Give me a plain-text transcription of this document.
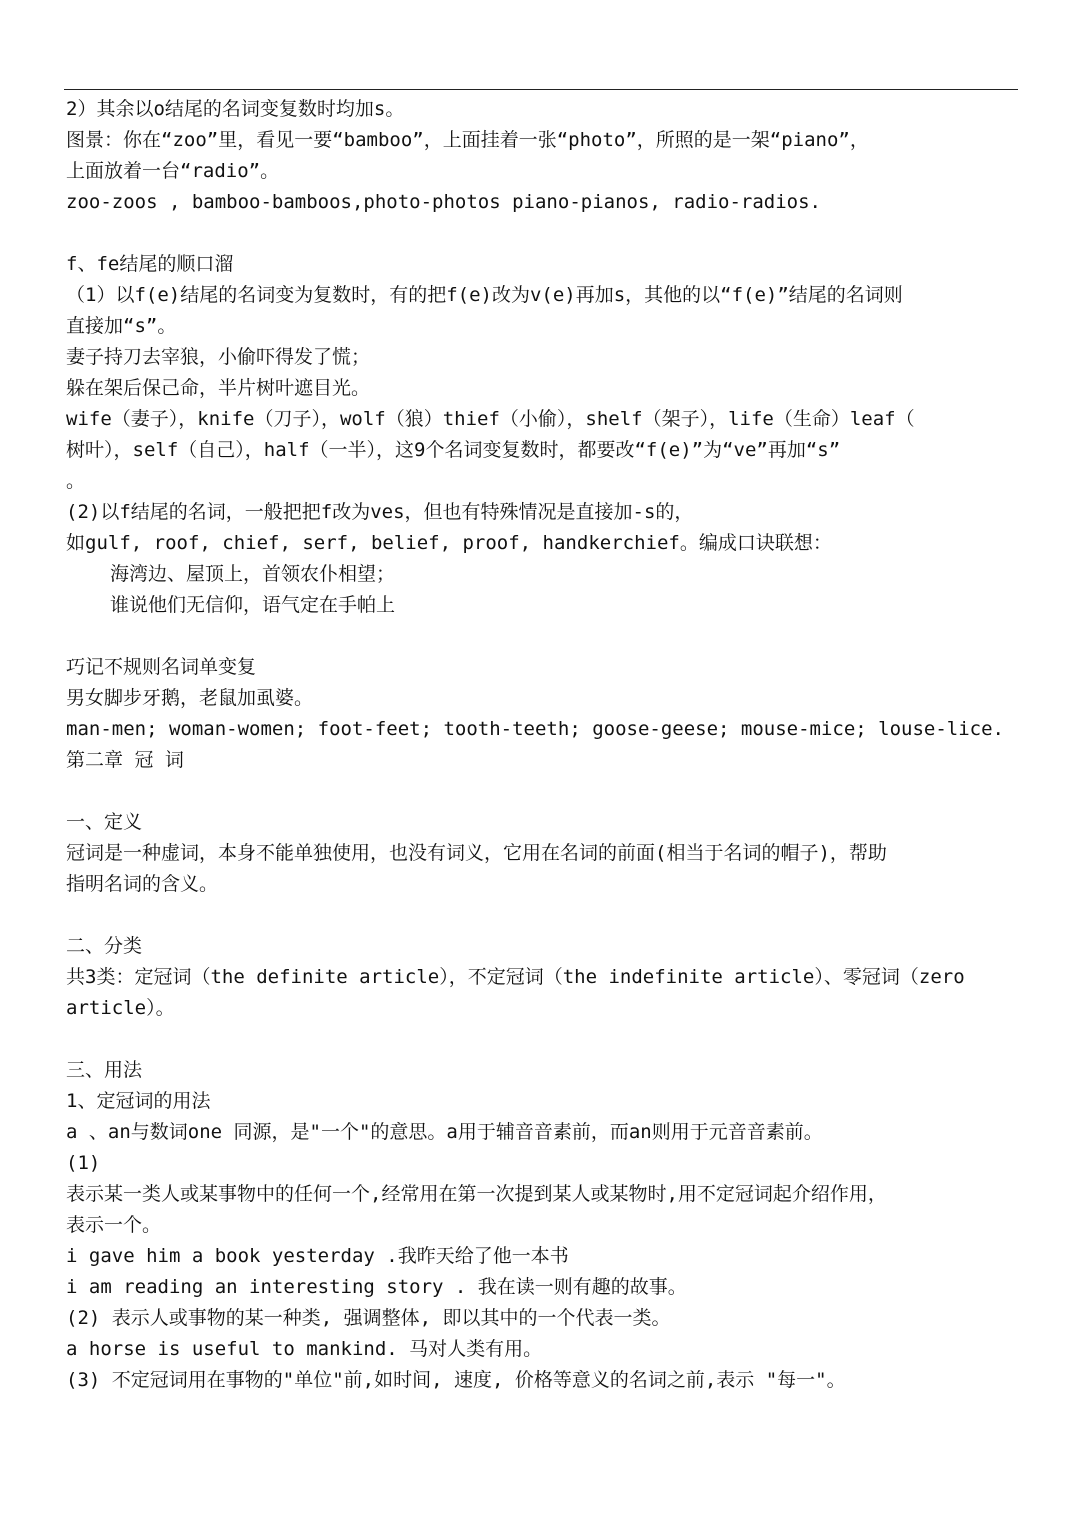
2）其余以o结尾的名词变复数时均加s。
图景：你在“zoo”里，看见一要“bamboo”，上面挂着一张“photo”，所照的是一架“piano”，
上面放着一台“radio”。
zoo-zoos , bamboo-bamboos,photo-photos piano-pianos, radio-radios.
f、fe结尾的顺口溜
（1）以f(e)结尾的名词变为复数时，有的把f(e)改为v(e)再加s，其他的以“f(e)”结尾的名词则
直接加“s”。
妻子持刀去宰狼，小偷吓得发了慌；
躲在架后保己命，半片树叶遮目光。
wife（妻子），knife（刀子），wolf（狼）thief（小偷），shelf（架子），life（生命）leaf（
树叶），self（自己），half（一半），这9个名词变复数时，都要改“f(e)”为“ve”再加“s”
。
(2)以f结尾的名词，一般把把f改为ves，但也有特殊情况是直接加-s的，
如gulf, roof, chief, serf, belief, proof, handkerchief。编成口诀联想：
海湾边、屋顶上，首领农仆相望；
谁说他们无信仰，语气定在手帕上
巧记不规则名词单变复
男女脚步牙鹅，老鼠加虱婆。
man-men; woman-women; foot-feet; tooth-teeth; goose-geese; mouse-mice; louse-lice.
第二章 冠 词
一、定义
冠词是一种虚词，本身不能单独使用，也没有词义，它用在名词的前面(相当于名词的帽子)，帮助
指明名词的含义。
二、分类
共3类：定冠词（the definite article），不定冠词（the indefinite article）、零冠词（zero
article）。
三、用法
1、定冠词的用法
a 、an与数词one 同源，是"一个"的意思。a用于辅音音素前，而an则用于元音音素前。
(1)
表示某一类人或某事物中的任何一个,经常用在第一次提到某人或某物时,用不定冠词起介绍作用，
表示一个。
i gave him a book yesterday .我昨天给了他一本书
i am reading an interesting story . 我在读一则有趣的故事。
(2) 表示人或事物的某一种类, 强调整体, 即以其中的一个代表一类。
a horse is useful to mankind. 马对人类有用。
(3) 不定冠词用在事物的"单位"前,如时间, 速度, 价格等意义的名词之前,表示 "每一"。
